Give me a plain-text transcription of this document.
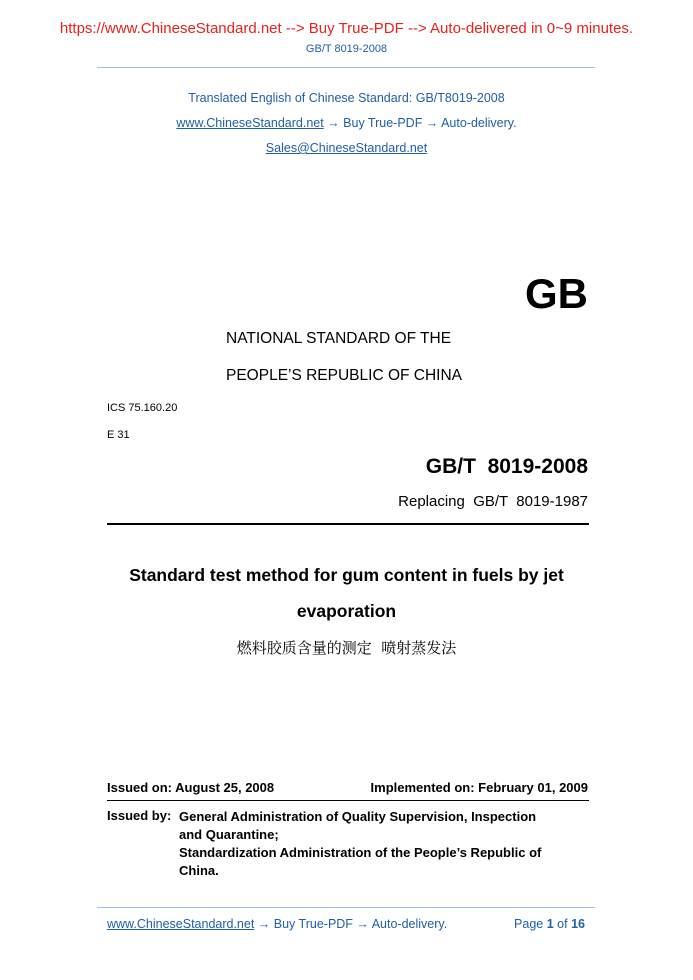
https://www.ChineseStandard.net --> Buy True-PDF --> Auto-delivered in 0~9 minutes.
GB/T 8019-2008
Translated English of Chinese Standard: GB/T8019-2008
www.ChineseStandard.net → Buy True-PDF → Auto-delivery.
Sales@ChineseStandard.net
GB
NATIONAL STANDARD OF THE
PEOPLE’S REPUBLIC OF CHINA
ICS 75.160.20
E 31
GB/T  8019-2008
Replacing  GB/T  8019-1987
Standard test method for gum content in fuels by jet
evaporation
燃料胶质含量的测定  喷射蒸发法
Issued on: August 25, 2008	Implemented on: February 01, 2009
Issued by: General Administration of Quality Supervision, Inspection
and Quarantine;
Standardization Administration of the People’s Republic of
China.
www.ChineseStandard.net → Buy True-PDF → Auto-delivery.	Page 1 of 16
